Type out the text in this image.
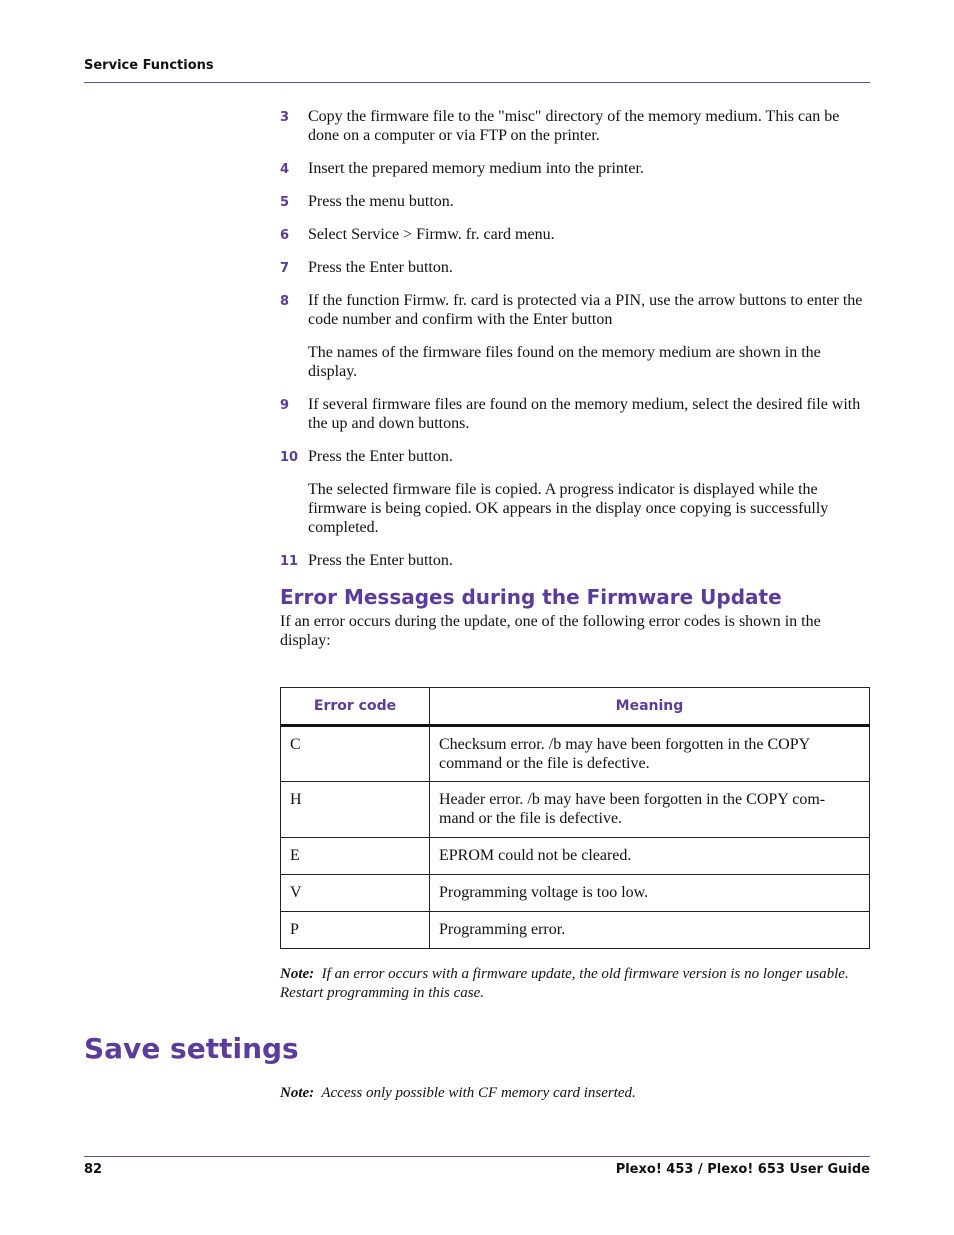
Service Functions
3 Copy the firmware file to the "misc" directory of the memory medium. This can be done on a computer or via FTP on the printer.
4 Insert the prepared memory medium into the printer.
5 Press the menu button.
6 Select Service > Firmw. fr. card menu.
7 Press the Enter button.
8 If the function Firmw. fr. card is protected via a PIN, use the arrow buttons to enter the code number and confirm with the Enter button
The names of the firmware files found on the memory medium are shown in the display.
9 If several firmware files are found on the memory medium, select the desired file with the up and down buttons.
10 Press the Enter button.
The selected firmware file is copied. A progress indicator is displayed while the firmware is being copied. OK appears in the display once copying is successfully completed.
11 Press the Enter button.
Error Messages during the Firmware Update
If an error occurs during the update, one of the following error codes is shown in the display:
Error code	Meaning
C	Checksum error. /b may have been forgotten in the COPY command or the file is defective.
H	Header error. /b may have been forgotten in the COPY com-mand or the file is defective.
E	EPROM could not be cleared.
V	Programming voltage is too low.
P	Programming error.
Note: If an error occurs with a firmware update, the old firmware version is no longer usable. Restart programming in this case.
Save settings
Note: Access only possible with CF memory card inserted.
82	Plexo! 453 / Plexo! 653 User Guide
